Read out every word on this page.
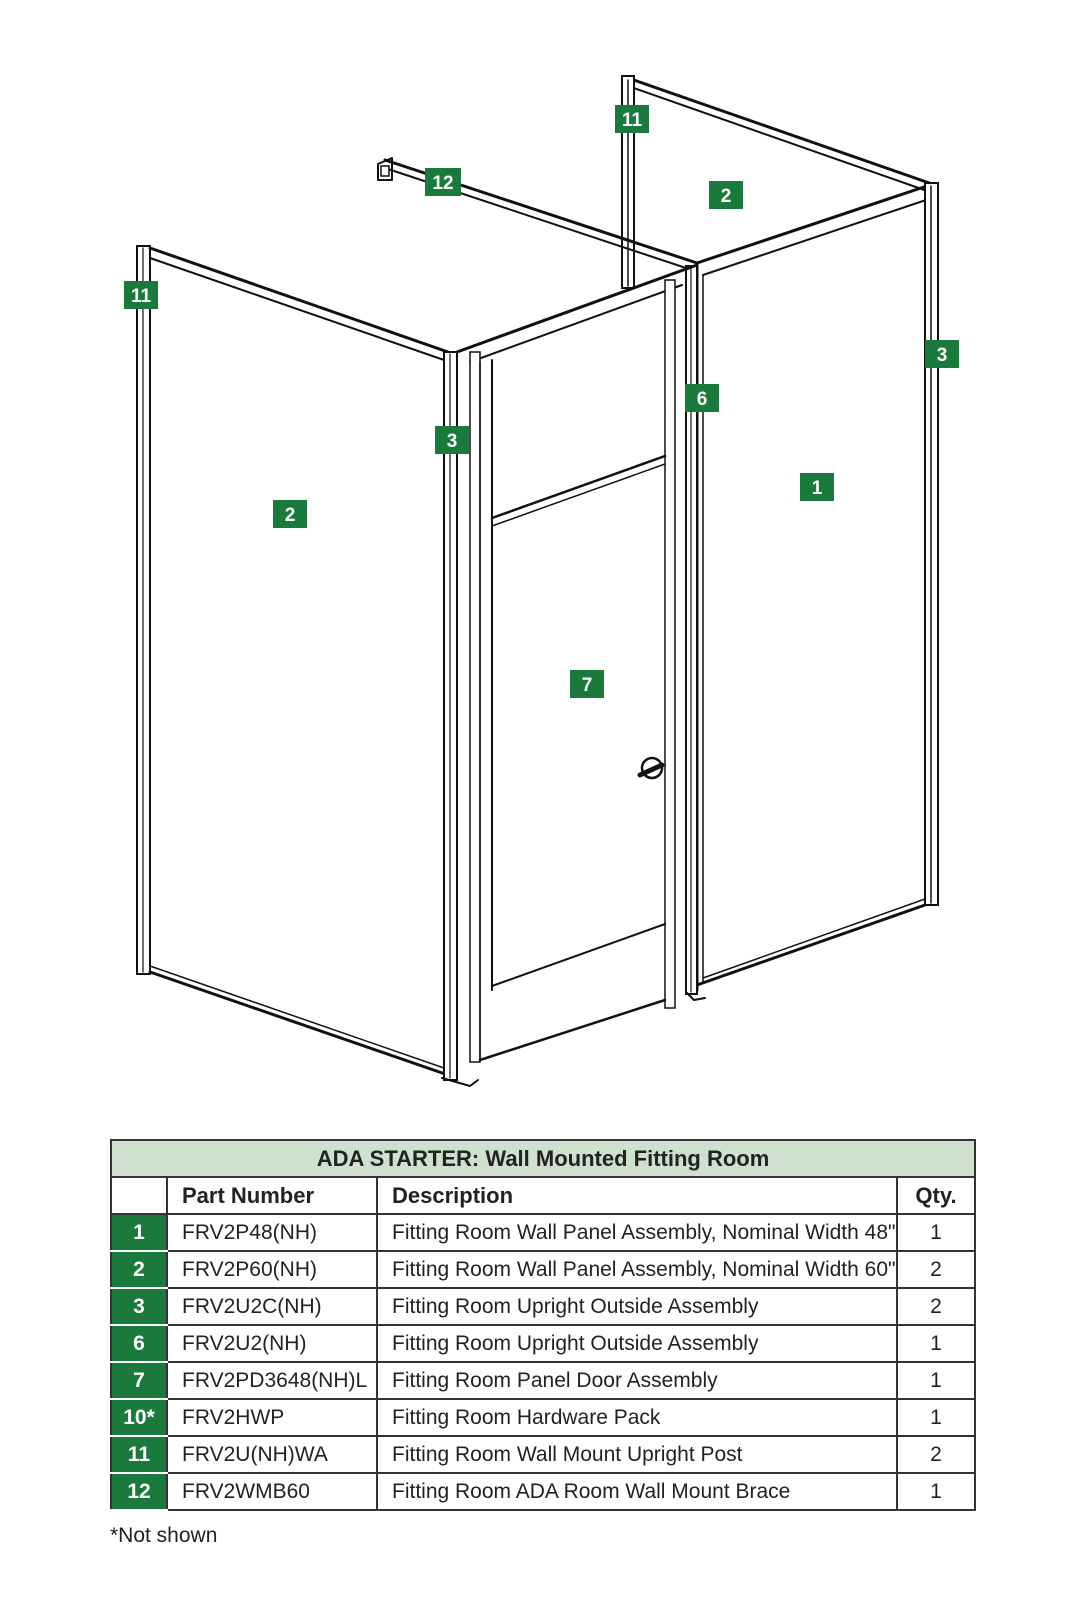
11
12
2
11
3
6
3
2
1
7
ADA STARTER: Wall Mounted Fitting Room			
	Part Number	Description	Qty.
1	FRV2P48(NH)	Fitting Room Wall Panel Assembly, Nominal Width 48"	1
2	FRV2P60(NH)	Fitting Room Wall Panel Assembly, Nominal Width 60"	2
3	FRV2U2C(NH)	Fitting Room Upright Outside Assembly	2
6	FRV2U2(NH)	Fitting Room Upright Outside Assembly	1
7	FRV2PD3648(NH)L	Fitting Room Panel Door Assembly	1
10*	FRV2HWP	Fitting Room Hardware Pack	1
11	FRV2U(NH)WA	Fitting Room Wall Mount Upright Post	2
12	FRV2WMB60	Fitting Room ADA Room Wall Mount Brace	1
*Not shown
